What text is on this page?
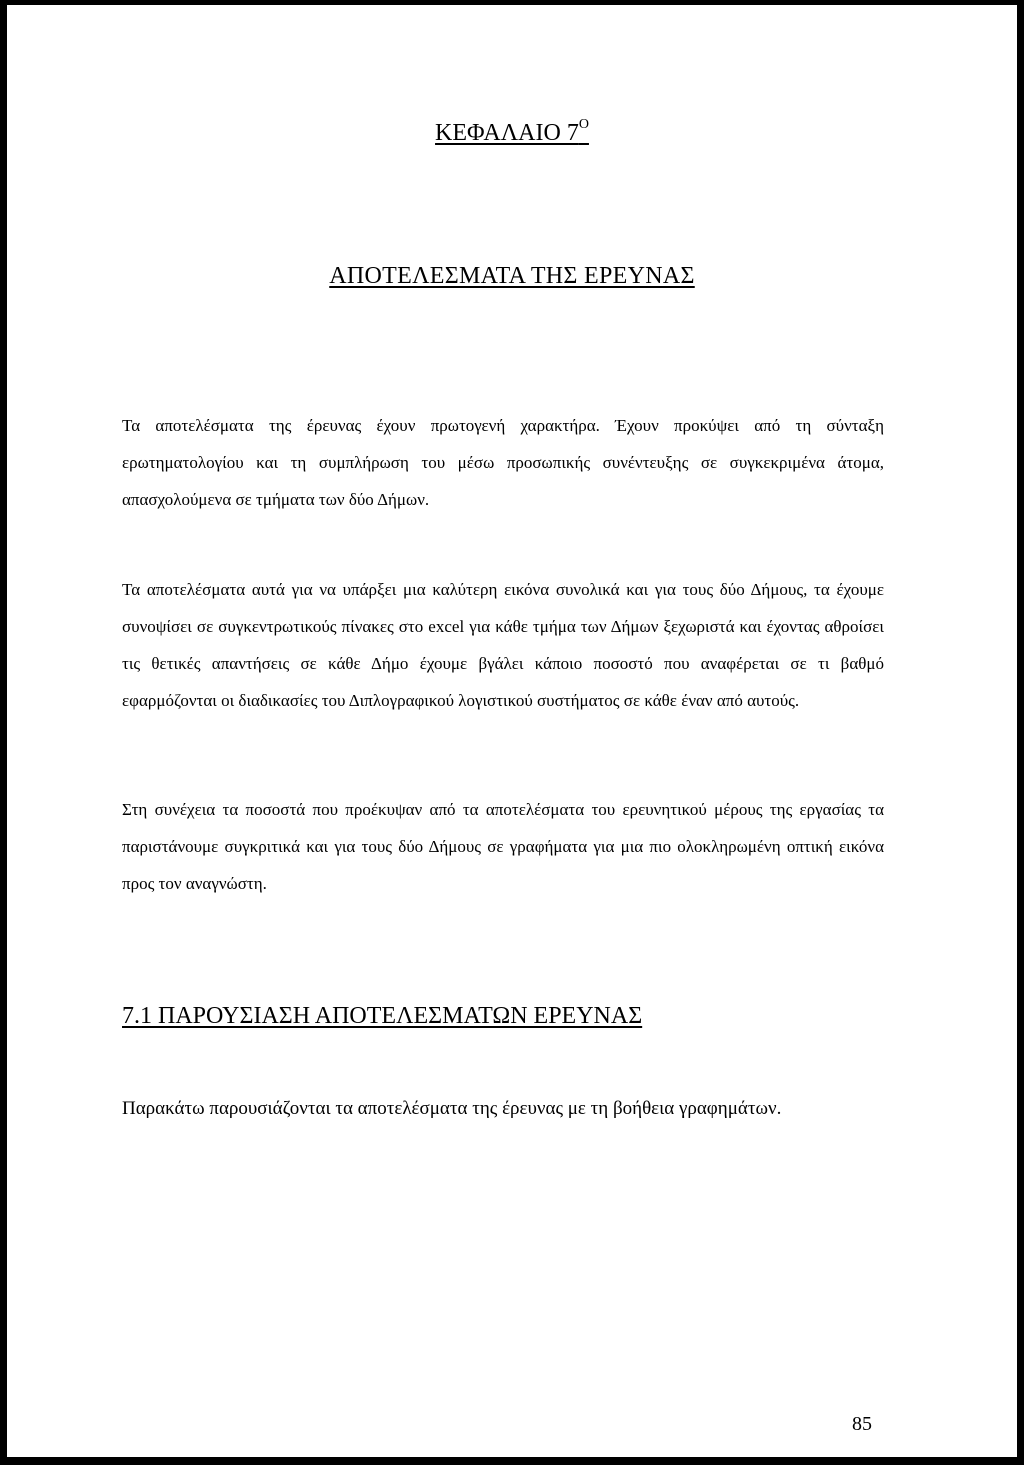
ΚΕΦΑΛΑΙΟ $7^O$
ΑΠΟΤΕΛΕΣΜΑΤΑ ΤΗΣ ΕΡΕΥΝΑΣ

Τα αποτελέσματα της έρευνας έχουν πρωτογενή χαρακτήρα. Έχουν προκύψει από τη σύνταξη ερωτηματολογίου και τη συμπλήρωση του μέσω προσωπικής συνέντευξης σε συγκεκριμένα άτομα, απασχολούμενα σε τμήματα των δύο Δήμων.

Τα αποτελέσματα αυτά για να υπάρξει μια καλύτερη εικόνα συνολικά και για τους δύο Δήμους, τα έχουμε συνοψίσει σε συγκεντρωτικούς πίνακες στο excel για κάθε τμήμα των Δήμων ξεχωριστά και έχοντας αθροίσει τις θετικές απαντήσεις σε κάθε Δήμο έχουμε βγάλει κάποιο ποσοστό που αναφέρεται σε τι βαθμό εφαρμόζονται οι διαδικασίες του Διπλογραφικού λογιστικού συστήματος σε κάθε έναν από αυτούς.

Στη συνέχεια τα ποσοστά που προέκυψαν από τα αποτελέσματα του ερευνητικού μέρους της εργασίας τα παριστάνουμε συγκριτικά και για τους δύο Δήμους σε γραφήματα για μια πιο ολοκληρωμένη οπτική εικόνα προς τον αναγνώστη.

7.1 ΠΑΡΟΥΣΙΑΣΗ ΑΠΟΤΕΛΕΣΜΑΤΩΝ ΕΡΕΥΝΑΣ

Παρακάτω παρουσιάζονται τα αποτελέσματα της έρευνας με τη βοήθεια γραφημάτων.

85
